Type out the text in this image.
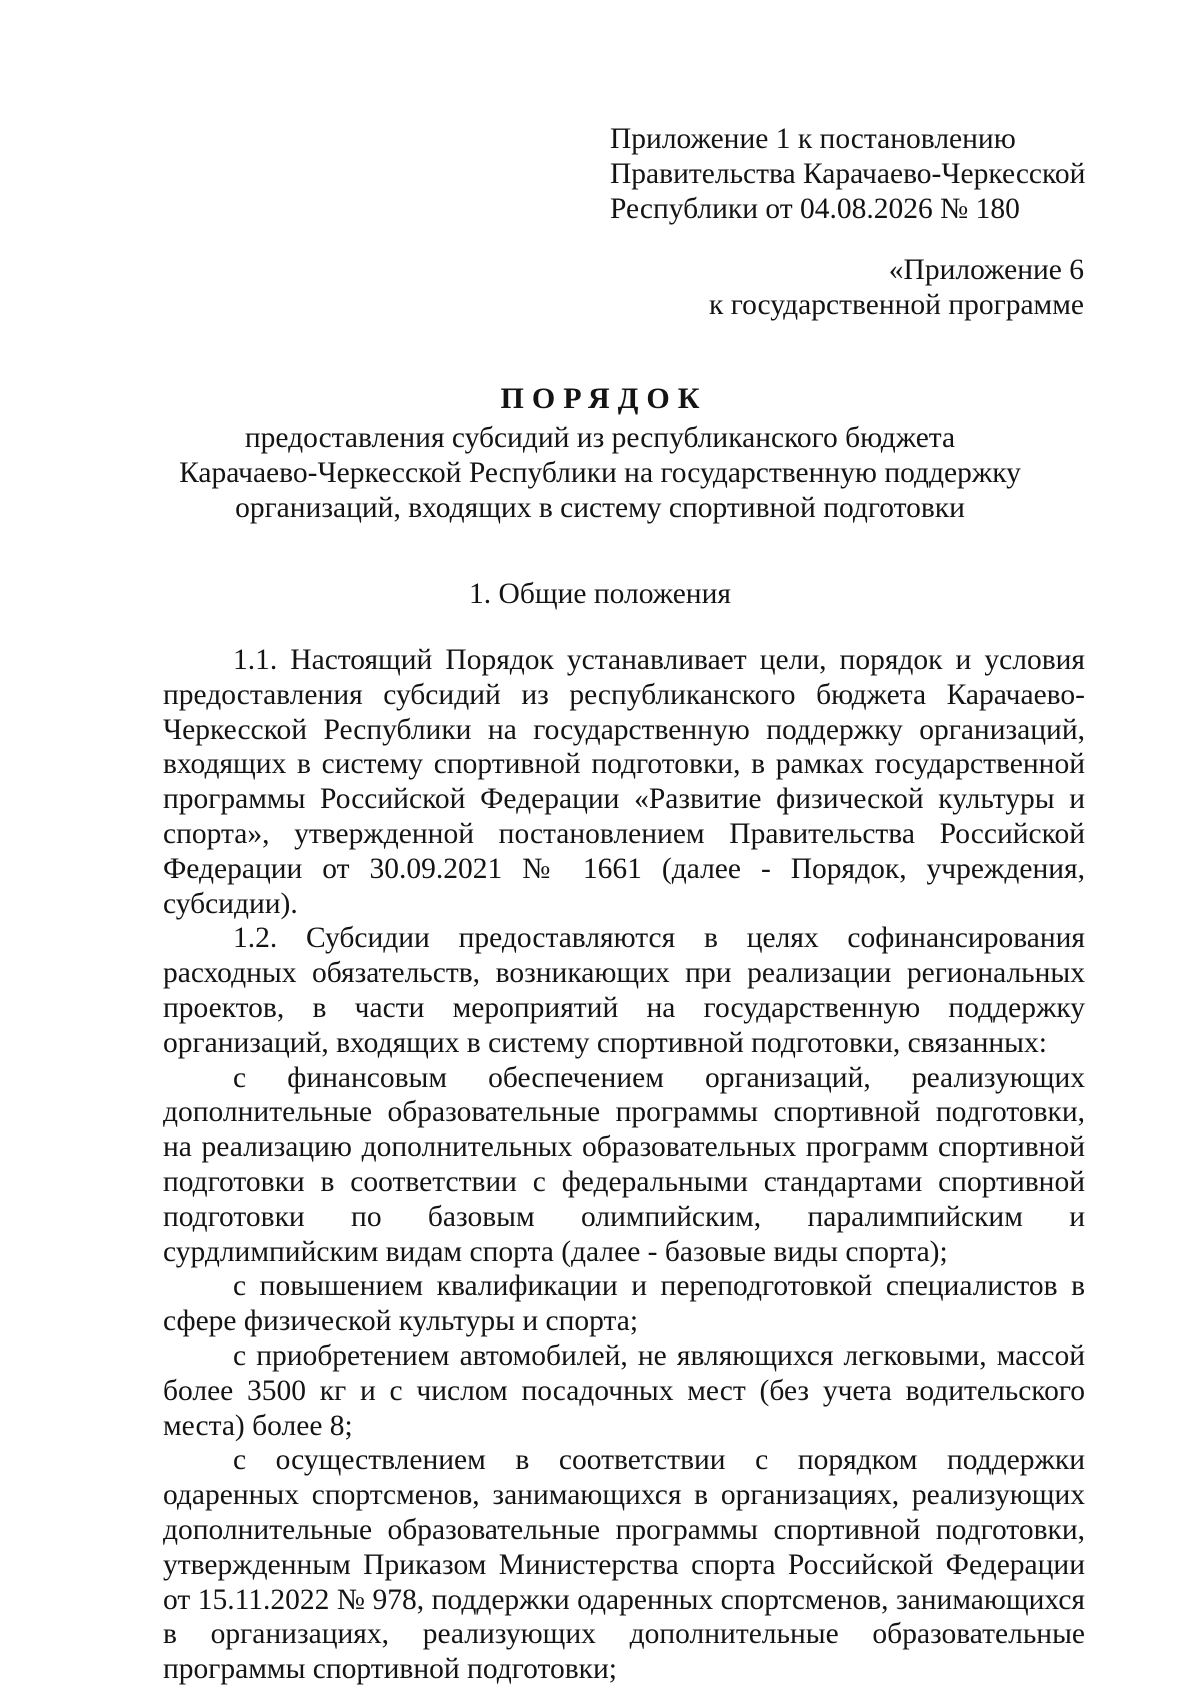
Приложение 1 к постановлению
Правительства Карачаево-Черкесской
Республики от 04.08.2026 № 180
«Приложение 6
к государственной программе

ПОРЯДОК

предоставления субсидий из республиканского бюджета
Карачаево-Черкесской Республики на государственную поддержку
организаций, входящих в систему спортивной подготовки

1. Общие положения

1.1. Настоящий Порядок устанавливает цели, порядок и условия предоставления субсидий из республиканского бюджета Карачаево-Черкесской Республики на государственную поддержку организаций, входящих в систему спортивной подготовки, в рамках государственной программы Российской Федерации «Развитие физической культуры и спорта», утвержденной постановлением Правительства Российской Федерации от 30.09.2021 № 1661 (далее - Порядок, учреждения, субсидии).

1.2. Субсидии предоставляются в целях софинансирования расходных обязательств, возникающих при реализации региональных проектов, в части мероприятий на государственную поддержку организаций, входящих в систему спортивной подготовки, связанных:

с финансовым обеспечением организаций, реализующих дополнительные образовательные программы спортивной подготовки, на реализацию дополнительных образовательных программ спортивной подготовки в соответствии с федеральными стандартами спортивной подготовки по базовым олимпийским, паралимпийским и сурдлимпийским видам спорта (далее - базовые виды спорта);

с повышением квалификации и переподготовкой специалистов в сфере физической культуры и спорта;

с приобретением автомобилей, не являющихся легковыми, массой более 3500 кг и с числом посадочных мест (без учета водительского места) более 8;

с осуществлением в соответствии с порядком поддержки одаренных спортсменов, занимающихся в организациях, реализующих дополнительные образовательные программы спортивной подготовки, утвержденным Приказом Министерства спорта Российской Федерации от 15.11.2022 № 978, поддержки одаренных спортсменов, занимающихся в организациях, реализующих дополнительные образовательные программы спортивной подготовки;
